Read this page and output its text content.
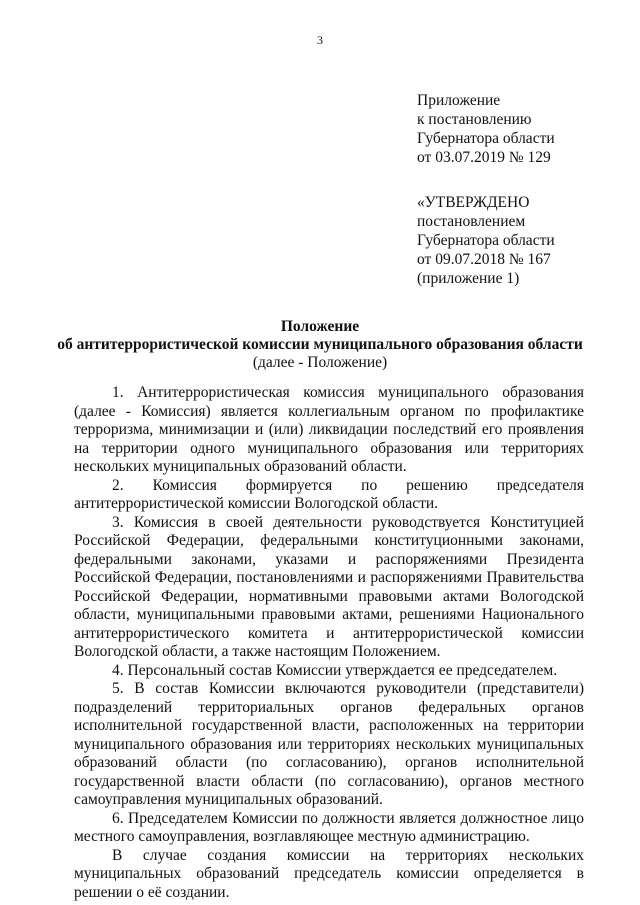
3
Приложение
к постановлению
Губернатора области
от 03.07.2019 № 129
«УТВЕРЖДЕНО
постановлением
Губернатора области
от 09.07.2018 № 167
(приложение 1)
Положение
об антитеррористической комиссии муниципального образования области
(далее - Положение)

1. Антитеррористическая комиссия муниципального образования (далее - Комиссия) является коллегиальным органом по профилактике терроризма, минимизации и (или) ликвидации последствий его проявления на территории одного муниципального образования или территориях нескольких муниципальных образований области.

2. Комиссия формируется по решению председателя антитеррористической комиссии Вологодской области.

3. Комиссия в своей деятельности руководствуется Конституцией Российской Федерации, федеральными конституционными законами, федеральными законами, указами и распоряжениями Президента Российской Федерации, постановлениями и распоряжениями Правительства Российской Федерации, нормативными правовыми актами Вологодской области, муниципальными правовыми актами, решениями Национального антитеррористического комитета и антитеррористической комиссии Вологодской области, а также настоящим Положением.

4. Персональный состав Комиссии утверждается ее председателем.

5. В состав Комиссии включаются руководители (представители) подразделений территориальных органов федеральных органов исполнительной государственной власти, расположенных на территории муниципального образования или территориях нескольких муниципальных образований области (по согласованию), органов исполнительной государственной власти области (по согласованию), органов местного самоуправления муниципальных образований.

6. Председателем Комиссии по должности является должностное лицо местного самоуправления, возглавляющее местную администрацию.

В случае создания комиссии на территориях нескольких муниципальных образований председатель комиссии определяется в решении о её создании.
